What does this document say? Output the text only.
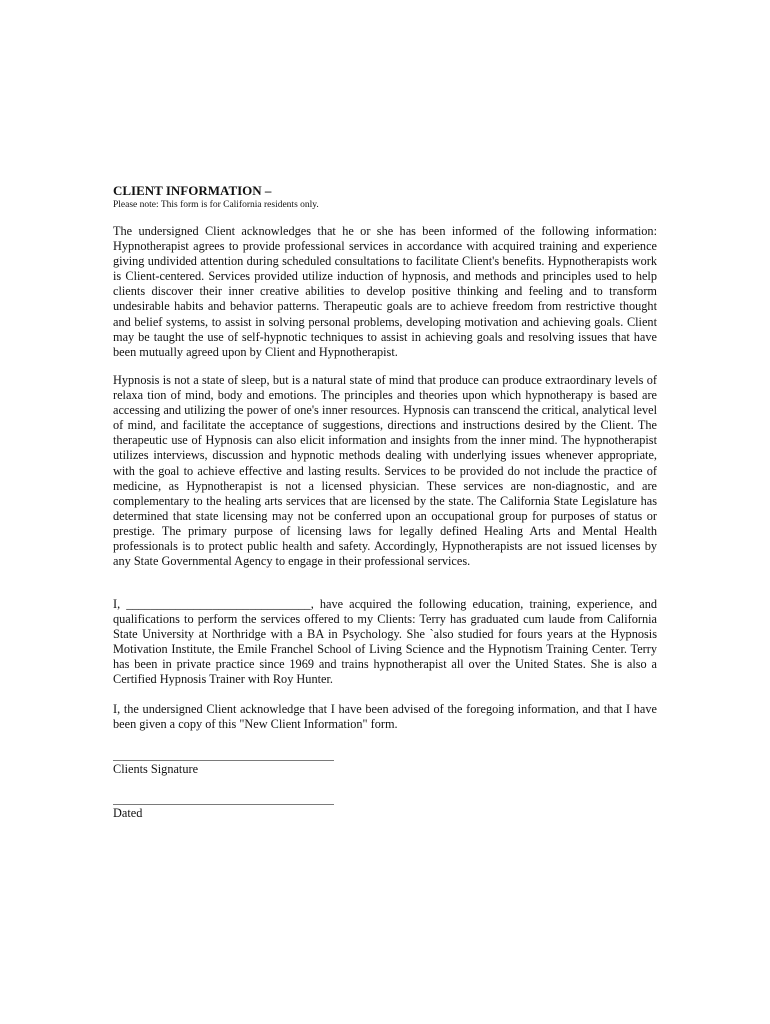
CLIENT INFORMATION –
Please note: This form is for California residents only.

The undersigned Client acknowledges that he or she has been informed of the following information: Hypnotherapist agrees to provide professional services in accordance with acquired training and experience giving undivided attention during scheduled consultations to facilitate Client's benefits. Hypnotherapists work is Client-centered. Services provided utilize induction of hypnosis, and methods and principles used to help clients discover their inner creative abilities to develop positive thinking and feeling and to transform undesirable habits and behavior patterns. Therapeutic goals are to achieve freedom from restrictive thought and belief systems, to assist in solving personal problems, developing motivation and achieving goals. Client may be taught the use of self-hypnotic techniques to assist in achieving goals and resolving issues that have been mutually agreed upon by Client and Hypnotherapist.

Hypnosis is not a state of sleep, but is a natural state of mind that produce can produce extraordinary levels of relaxa tion of mind, body and emotions. The principles and theories upon which hypnotherapy is based are accessing and utilizing the power of one's inner resources. Hypnosis can transcend the critical, analytical level of mind, and facilitate the acceptance of suggestions, directions and instructions desired by the Client. The therapeutic use of Hypnosis can also elicit information and insights from the inner mind. The hypnotherapist utilizes interviews, discussion and hypnotic methods dealing with underlying issues whenever appropriate, with the goal to achieve effective and lasting results. Services to be provided do not include the practice of medicine, as Hypnotherapist is not a licensed physician. These services are non-diagnostic, and are complementary to the healing arts services that are licensed by the state. The California State Legislature has determined that state licensing may not be conferred upon an occupational group for purposes of status or prestige. The primary purpose of licensing laws for legally defined Healing Arts and Mental Health professionals is to protect public health and safety. Accordingly, Hypnotherapists are not issued licenses by any State Governmental Agency to engage in their professional services.

I, ______________________________, have acquired the following education, training, experience, and qualifications to perform the services offered to my Clients: Terry has graduated cum laude from California State University at Northridge with a BA in Psychology. She `also studied for fours years at the Hypnosis Motivation Institute, the Emile Franchel School of Living Science and the Hypnotism Training Center. Terry has been in private practice since 1969 and trains hypnotherapist all over the United States. She is also a Certified Hypnosis Trainer with Roy Hunter.

I, the undersigned Client acknowledge that I have been advised of the foregoing information, and that I have been given a copy of this "New Client Information" form.

Clients Signature
Dated
